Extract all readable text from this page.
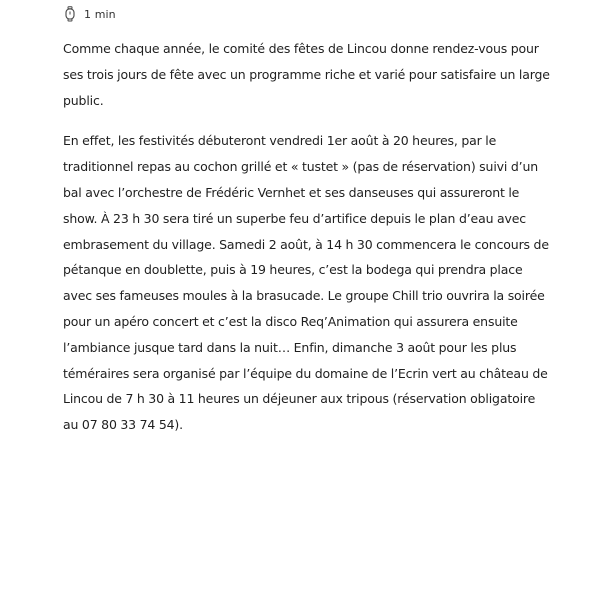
1 min

Comme chaque année, le comité des fêtes de Lincou donne rendez-vous pour ses trois jours de fête avec un programme riche et varié pour satisfaire un large public.

En effet, les festivités débuteront vendredi 1er août à 20 heures, par le traditionnel repas au cochon grillé et « tustet » (pas de réservation) suivi d’un bal avec l’orchestre de Frédéric Vernhet et ses danseuses qui assureront le show. À 23 h 30 sera tiré un superbe feu d’artifice depuis le plan d’eau avec embrasement du village. Samedi 2 août, à 14 h 30 commencera le concours de pétanque en doublette, puis à 19 heures, c’est la bodega qui prendra place avec ses fameuses moules à la brasucade. Le groupe Chill trio ouvrira la soirée pour un apéro concert et c’est la disco Req’Animation qui assurera ensuite l’ambiance jusque tard dans la nuit… Enfin, dimanche 3 août pour les plus téméraires sera organisé par l’équipe du domaine de l’Ecrin vert au château de Lincou de 7 h 30 à 11 heures un déjeuner aux tripous (réservation obligatoire au 07 80 33 74 54).
